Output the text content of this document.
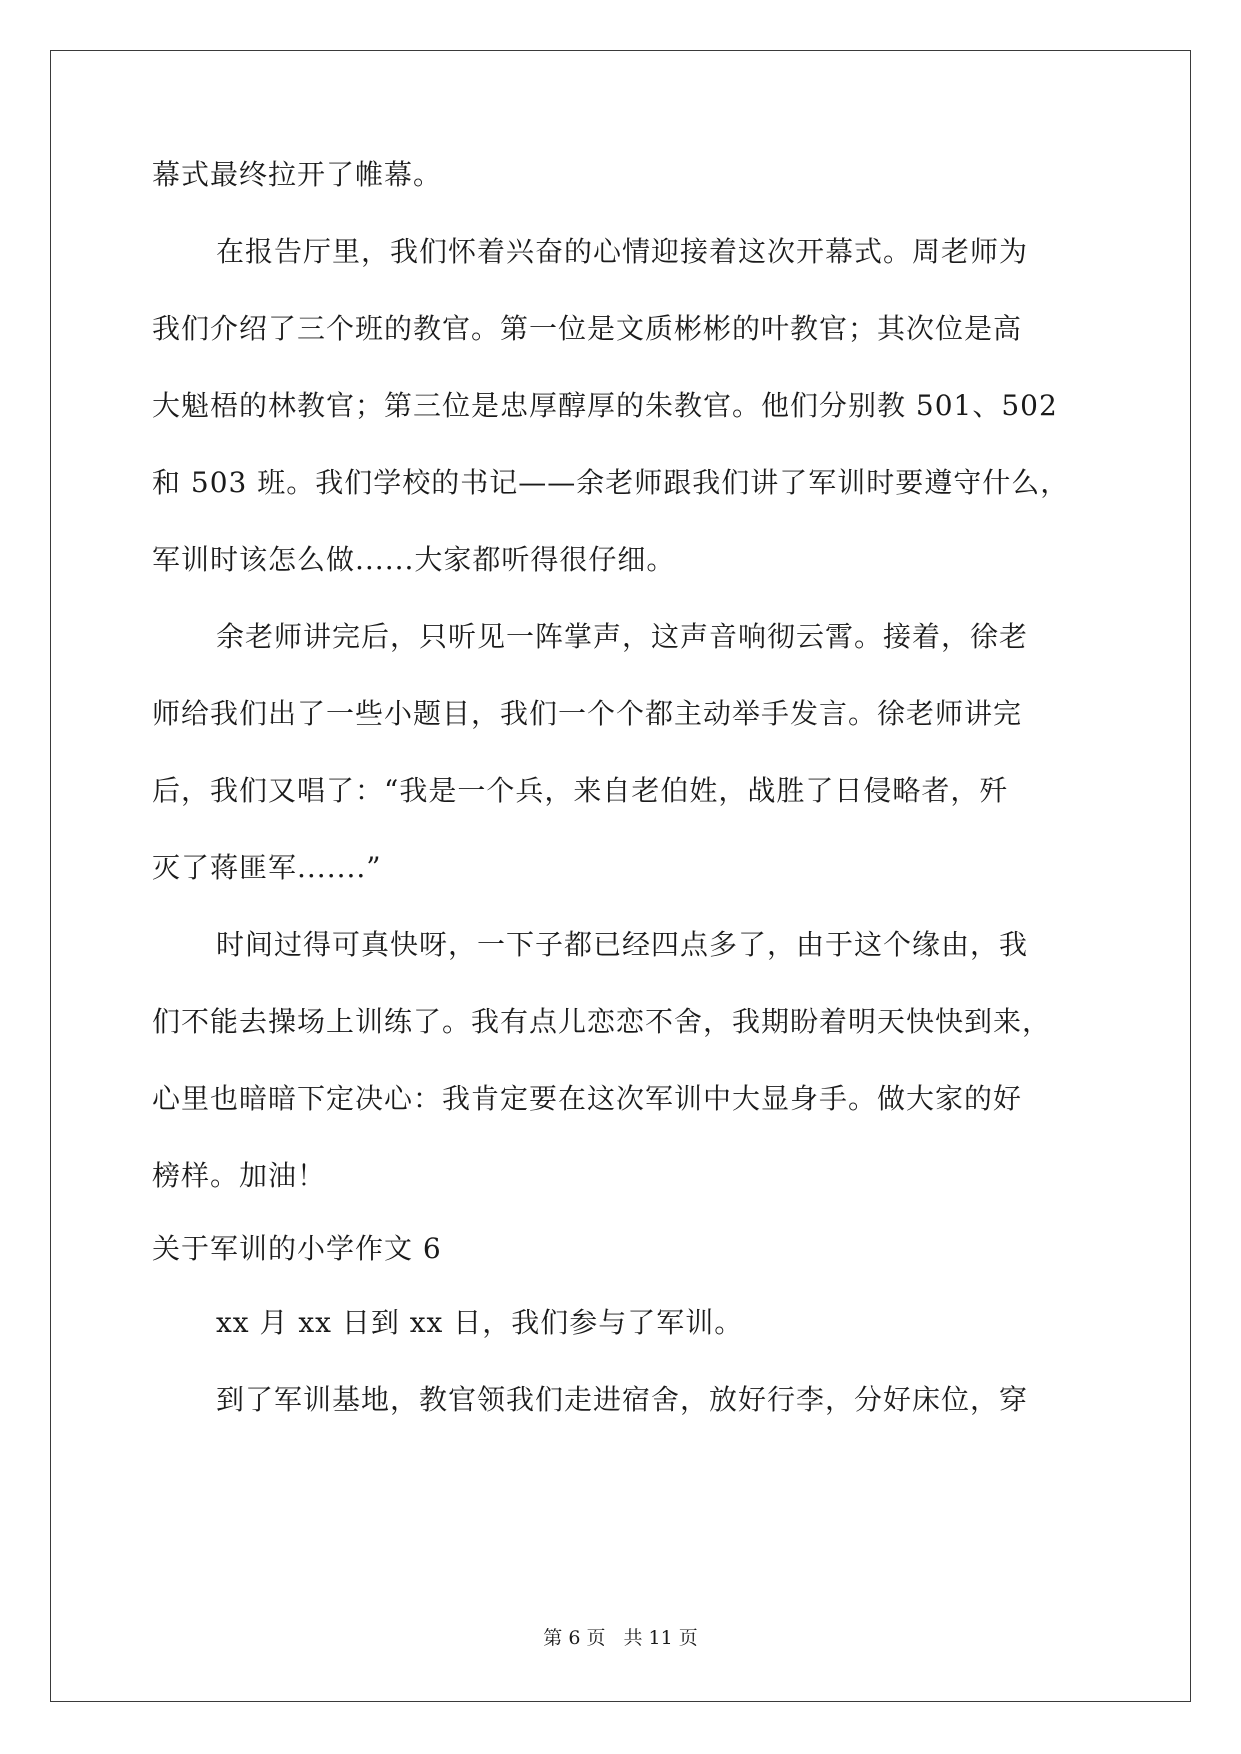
幕式最终拉开了帷幕。
在报告厅里，我们怀着兴奋的心情迎接着这次开幕式。周老师为
我们介绍了三个班的教官。第一位是文质彬彬的叶教官；其次位是高
大魁梧的林教官；第三位是忠厚醇厚的朱教官。他们分别教 501、502
和 503 班。我们学校的书记——余老师跟我们讲了军训时要遵守什么，
军训时该怎么做......大家都听得很仔细。
余老师讲完后，只听见一阵掌声，这声音响彻云霄。接着，徐老
师给我们出了一些小题目，我们一个个都主动举手发言。徐老师讲完
后，我们又唱了：“我是一个兵，来自老伯姓，战胜了日侵略者，歼
灭了蒋匪军.......”
时间过得可真快呀，一下子都已经四点多了，由于这个缘由，我
们不能去操场上训练了。我有点儿恋恋不舍，我期盼着明天快快到来，
心里也暗暗下定决心：我肯定要在这次军训中大显身手。做大家的好
榜样。加油！
关于军训的小学作文 6
xx 月 xx 日到 xx 日，我们参与了军训。
到了军训基地，教官领我们走进宿舍，放好行李，分好床位，穿
第 6 页 共 11 页
